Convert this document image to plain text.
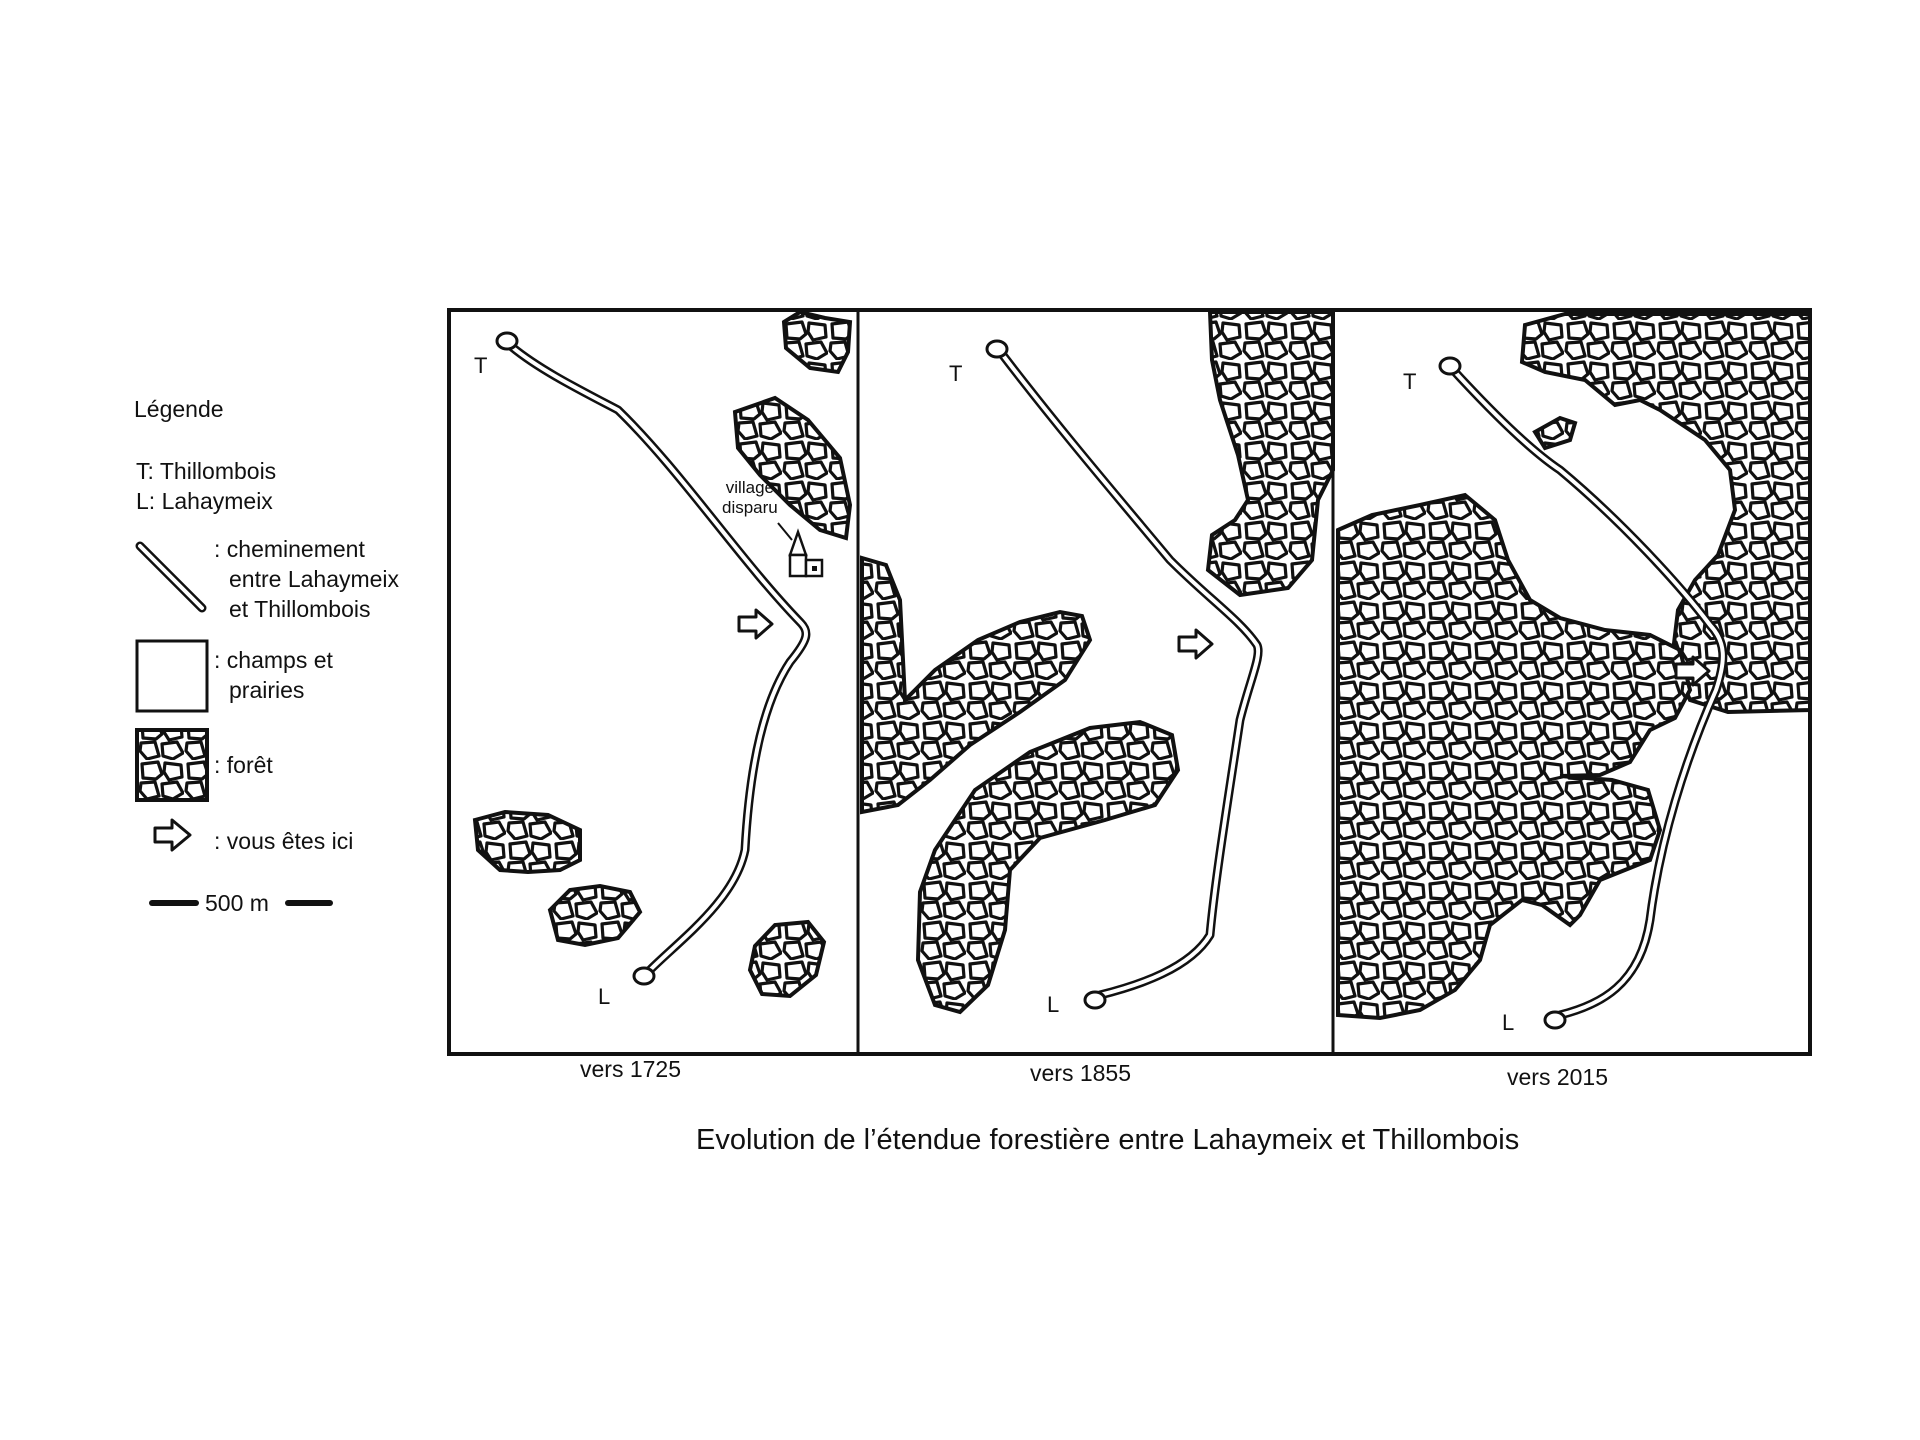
Légende
T: Thillombois
L: Lahaymeix
: cheminement
entre Lahaymeix
et Thillombois
: champs et
prairies
: forêt
: vous êtes ici
500 m
T
L
T
L
T
L
village
disparu
vers 1725	vers 1855	vers 2015
Evolution de l’étendue forestière entre Lahaymeix et Thillombois
